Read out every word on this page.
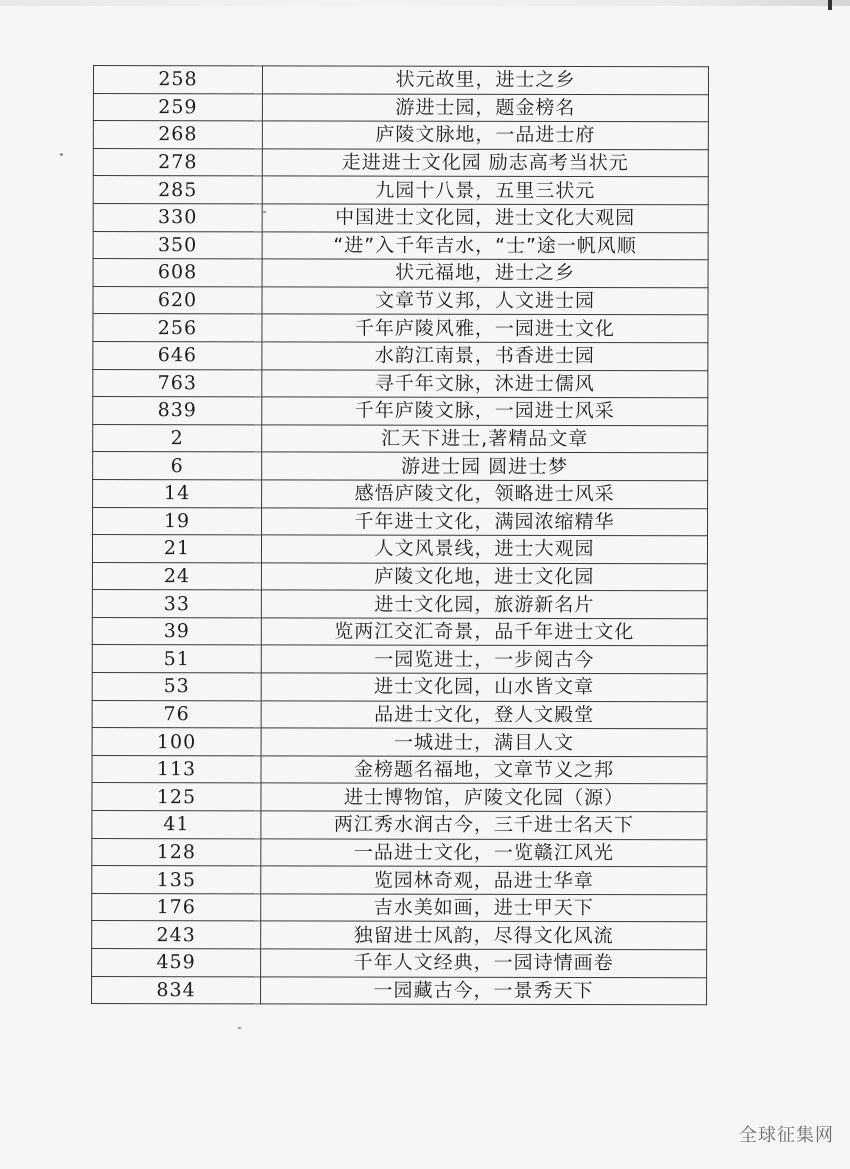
258	状元故里，进士之乡
259	游进士园，题金榜名
268	庐陵文脉地，一品进士府
278	走进进士文化园 励志高考当状元
285	九园十八景，五里三状元
330	中国进士文化园，进士文化大观园
350	“进”入千年吉水，“士”途一帆风顺
608	状元福地，进士之乡
620	文章节义邦，人文进士园
256	千年庐陵风雅，一园进士文化
646	水韵江南景，书香进士园
763	寻千年文脉，沐进士儒风
839	千年庐陵文脉，一园进士风采
2	汇天下进士,著精品文章
6	游进士园 圆进士梦
14	感悟庐陵文化，领略进士风采
19	千年进士文化，满园浓缩精华
21	人文风景线，进士大观园
24	庐陵文化地，进士文化园
33	进士文化园，旅游新名片
39	览两江交汇奇景，品千年进士文化
51	一园览进士，一步阅古今
53	进士文化园，山水皆文章
76	品进士文化，登人文殿堂
100	一城进士，满目人文
113	金榜题名福地，文章节义之邦
125	进士博物馆，庐陵文化园（源）
41	两江秀水润古今，三千进士名天下
128	一品进士文化，一览赣江风光
135	览园林奇观，品进士华章
176	吉水美如画，进士甲天下
243	独留进士风韵，尽得文化风流
459	千年人文经典，一园诗情画卷
834	一园藏古今，一景秀天下
全球征集网
